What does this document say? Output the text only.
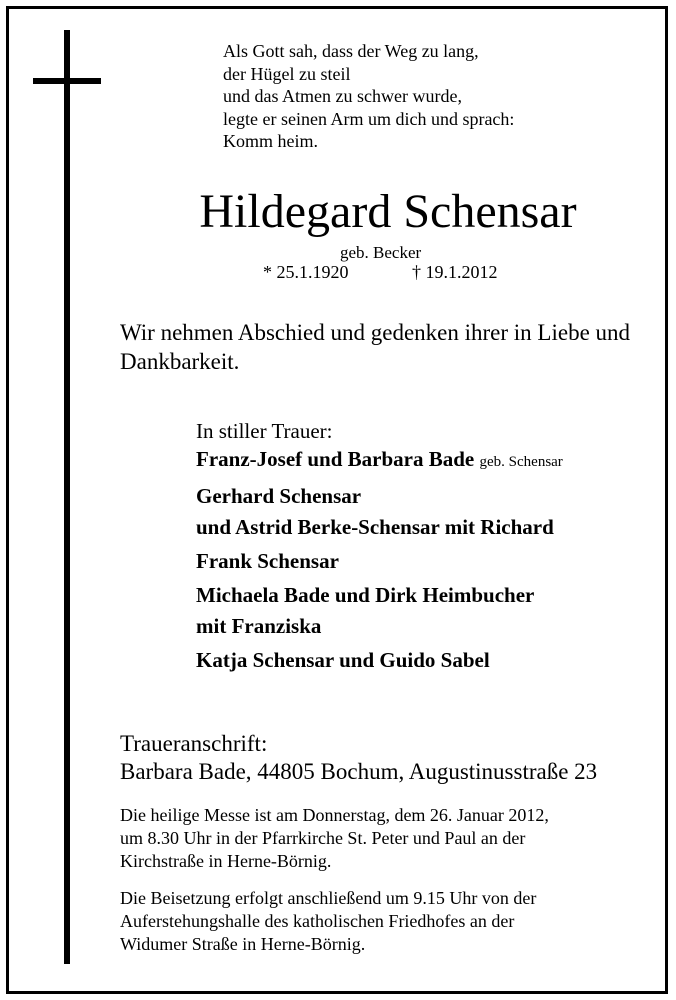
Als Gott sah, dass der Weg zu lang,
der Hügel zu steil
und das Atmen zu schwer wurde,
legte er seinen Arm um dich und sprach:
Komm heim.
Hildegard Schensar
geb. Becker
* 25.1.1920	† 19.1.2012
Wir nehmen Abschied und gedenken ihrer in Liebe und Dankbarkeit.
In stiller Trauer:
Franz-Josef und Barbara Bade geb. Schensar
Gerhard Schensar
und Astrid Berke-Schensar mit Richard
Frank Schensar
Michaela Bade und Dirk Heimbucher
mit Franziska
Katja Schensar und Guido Sabel
Traueranschrift:
Barbara Bade, 44805 Bochum, Augustinusstraße 23
Die heilige Messe ist am Donnerstag, dem 26. Januar 2012,
um 8.30 Uhr in der Pfarrkirche St. Peter und Paul an der
Kirchstraße in Herne-Börnig.
Die Beisetzung erfolgt anschließend um 9.15 Uhr von der
Auferstehungshalle des katholischen Friedhofes an der
Widumer Straße in Herne-Börnig.
